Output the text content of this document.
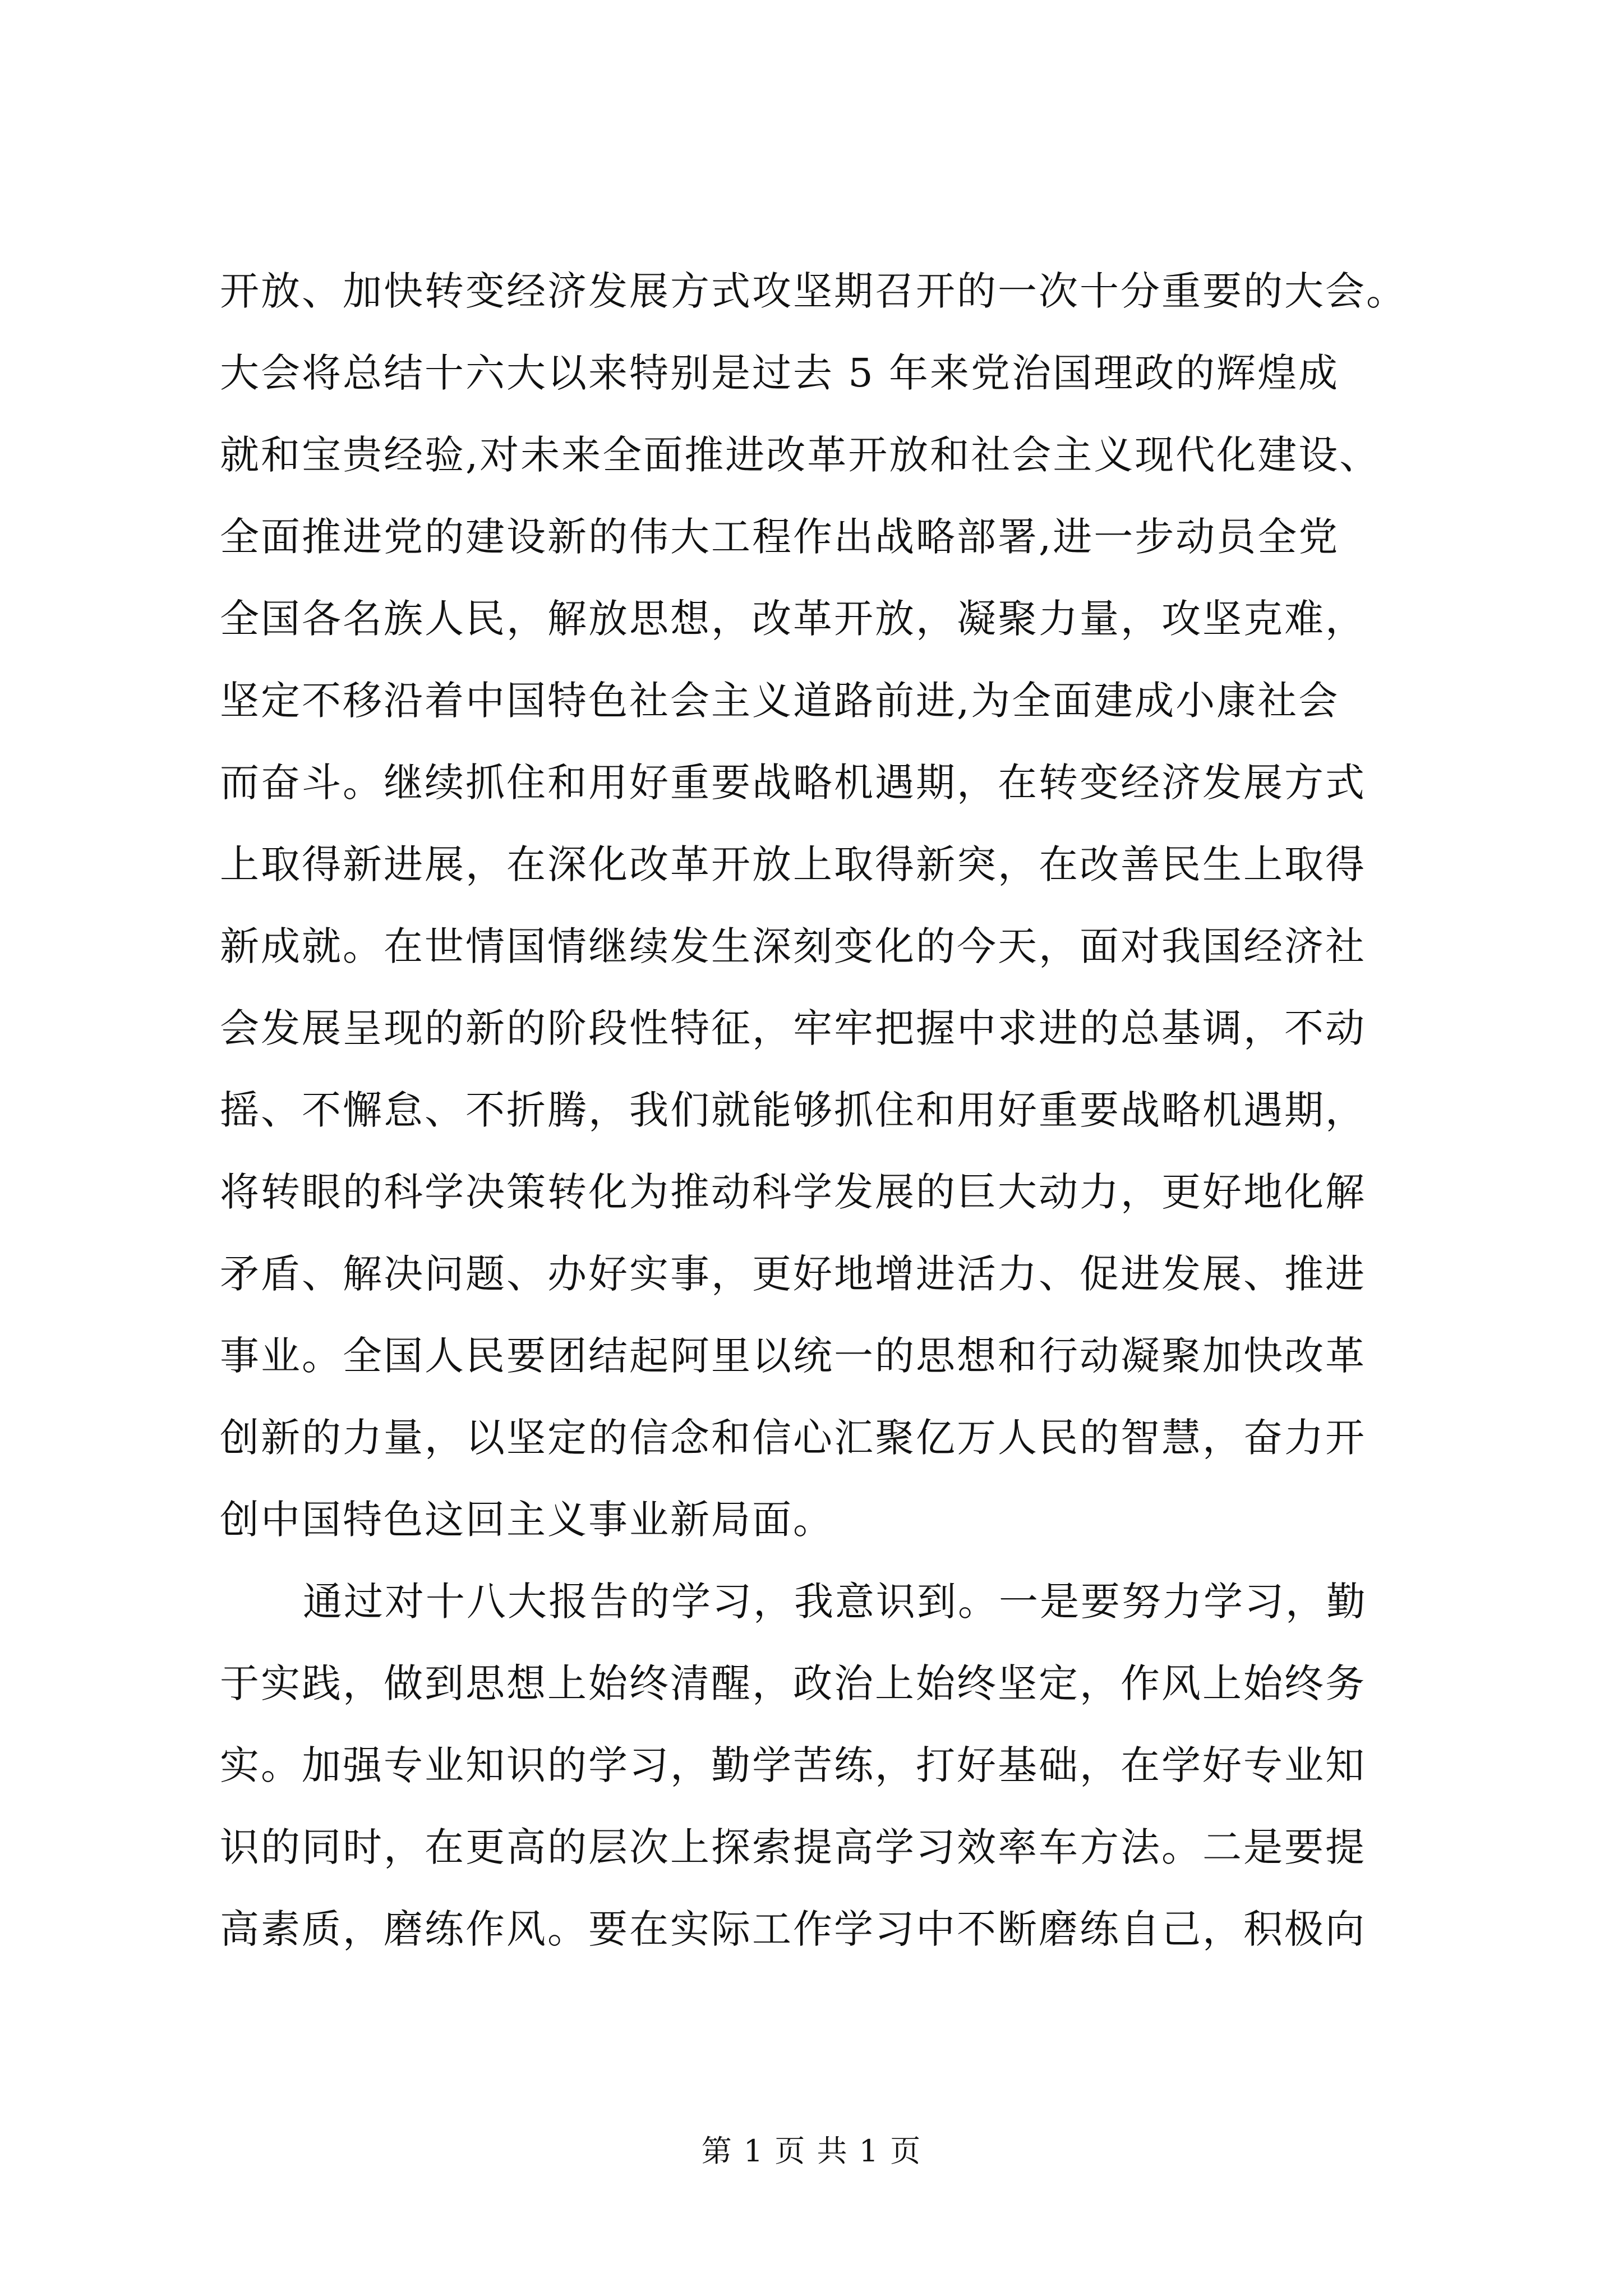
开放、加快转变经济发展方式攻坚期召开的一次十分重要的大会。
大会将总结十六大以来特别是过去 5 年来党治国理政的辉煌成
就和宝贵经验,对未来全面推进改革开放和社会主义现代化建设、
全面推进党的建设新的伟大工程作出战略部署,进一步动员全党
全国各名族人民，解放思想，改革开放，凝聚力量，攻坚克难，
坚定不移沿着中国特色社会主义道路前进,为全面建成小康社会
而奋斗。继续抓住和用好重要战略机遇期，在转变经济发展方式
上取得新进展，在深化改革开放上取得新突，在改善民生上取得
新成就。在世情国情继续发生深刻变化的今天，面对我国经济社
会发展呈现的新的阶段性特征，牢牢把握中求进的总基调，不动
摇、不懈怠、不折腾，我们就能够抓住和用好重要战略机遇期，
将转眼的科学决策转化为推动科学发展的巨大动力，更好地化解
矛盾、解决问题、办好实事，更好地增进活力、促进发展、推进
事业。全国人民要团结起阿里以统一的思想和行动凝聚加快改革
创新的力量，以坚定的信念和信心汇聚亿万人民的智慧，奋力开
创中国特色这回主义事业新局面。
通过对十八大报告的学习，我意识到。一是要努力学习，勤
于实践，做到思想上始终清醒，政治上始终坚定，作风上始终务
实。加强专业知识的学习，勤学苦练，打好基础，在学好专业知
识的同时，在更高的层次上探索提高学习效率车方法。二是要提
高素质，磨练作风。要在实际工作学习中不断磨练自己，积极向
第 1 页 共 1 页
